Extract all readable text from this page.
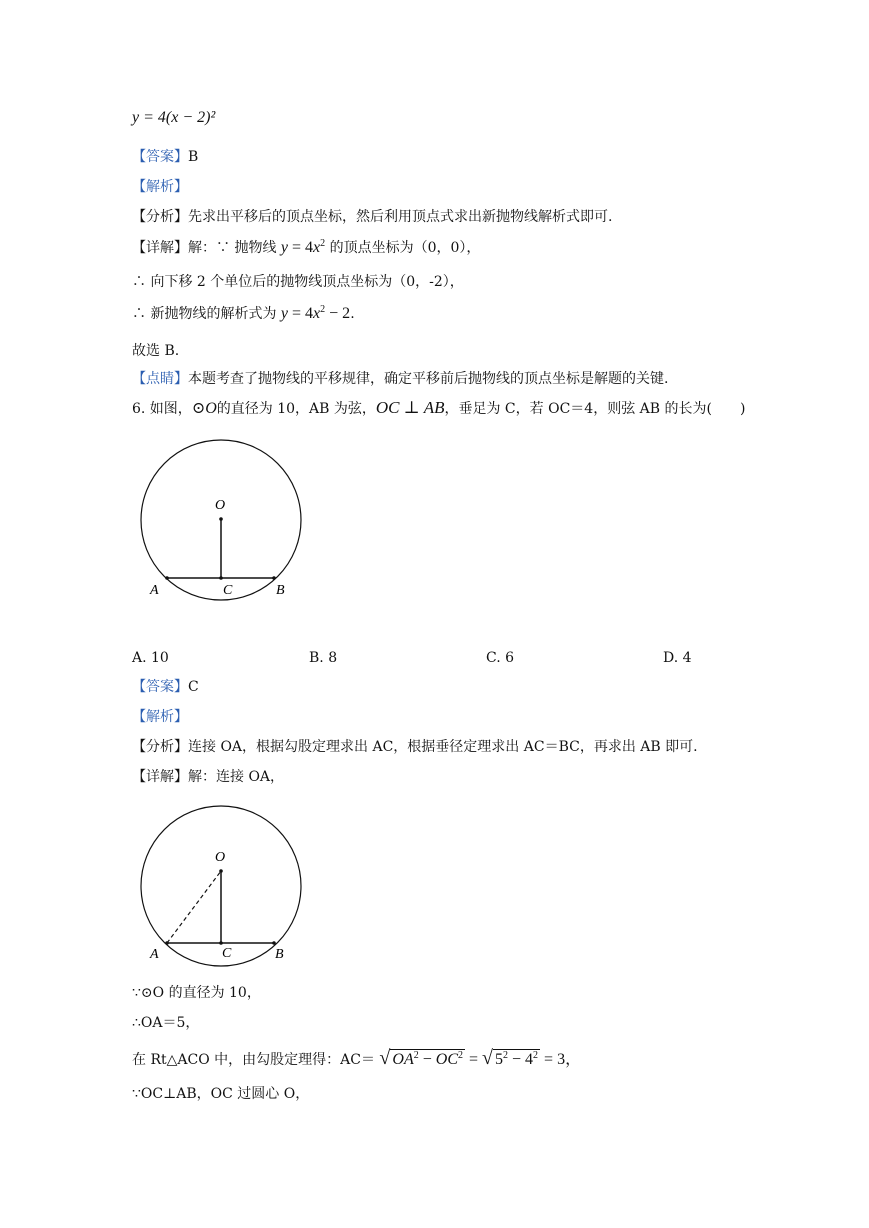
y = 4(x − 2)²
【答案】B
【解析】
【分析】先求出平移后的顶点坐标，然后利用顶点式求出新抛物线解析式即可.
【详解】解：∵ 抛物线 $y = 4x^2$ 的顶点坐标为（0，0），
∴ 向下移 2 个单位后的抛物线顶点坐标为（0，-2），
∴ 新抛物线的解析式为 $y = 4x^2 - 2$.
故选 B.
【点睛】本题考查了抛物线的平移规律，确定平移前后抛物线的顶点坐标是解题的关键.
6. 如图，⊙O的直径为 10，AB 为弦，OC ⊥ AB，垂足为 C，若 OC＝4，则弦 AB 的长为(　　)
O
A	C	B
A. 10	B. 8	C. 6	D. 4
【答案】C
【解析】
【分析】连接 OA，根据勾股定理求出 AC，根据垂径定理求出 AC＝BC，再求出 AB 即可.
【详解】解：连接 OA，
O
A	C	B
∵⊙O 的直径为 10，
∴OA＝5，
在 Rt△ACO 中，由勾股定理得：AC＝ √ $OA^2 - OC^2$ = √ $5^2 - 4^2 = 3$，
∵OC⊥AB，OC 过圆心 O，
